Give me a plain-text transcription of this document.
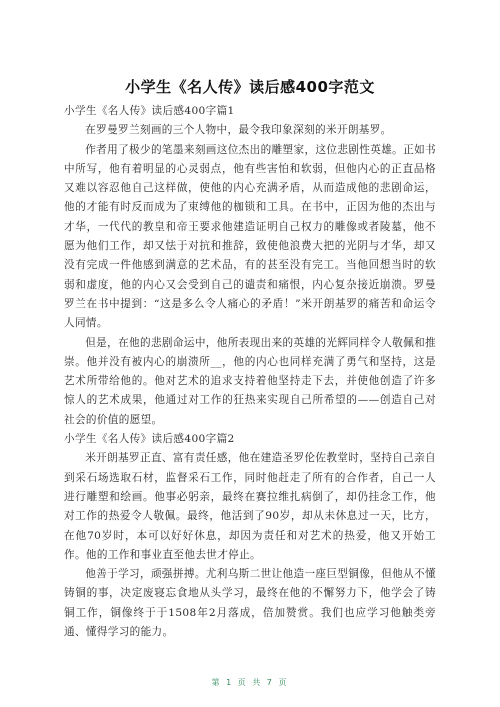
小学生《名人传》读后感400字范文

小学生《名人传》读后感400字篇1

在罗曼罗兰刻画的三个人物中，最令我印象深刻的米开朗基罗。

作者用了极少的笔墨来刻画这位杰出的雕塑家，这位悲剧性英雄。正如书中所写，他有着明显的心灵弱点，他有些害怕和软弱，但他内心的正直品格又难以容忍他自己这样做，使他的内心充满矛盾，从而造成他的悲剧命运，他的才能有时反而成为了束缚他的枷锁和工具。在书中，正因为他的杰出与才华，一代代的教皇和帝王要求他建造证明自己权力的雕像或者陵墓，他不愿为他们工作，却又怯于对抗和推辞，致使他浪费大把的光阴与才华，却又没有完成一件他感到满意的艺术品，有的甚至没有完工。当他回想当时的软弱和虚度，他的内心又会受到自己的谴责和痛恨，内心复杂接近崩溃。罗曼罗兰在书中提到：“这是多么令人痛心的矛盾！”米开朗基罗的痛苦和命运令人同情。

但是，在他的悲剧命运中，他所表现出来的英雄的光辉同样令人敬佩和推崇。他并没有被内心的崩溃所__，他的内心也同样充满了勇气和坚持，这是艺术所带给他的。他对艺术的追求支持着他坚持走下去，并使他创造了许多惊人的艺术成果，他通过对工作的狂热来实现自己所希望的——创造自己对社会的价值的愿望。

小学生《名人传》读后感400字篇2

米开朗基罗正直、富有责任感，他在建造圣罗伦佐教堂时，坚持自己亲自到采石场选取石材，监督采石工作，同时他赶走了所有的合作者，自己一人进行雕塑和绘画。他事必躬亲，最终在赛拉维扎病倒了，却仍挂念工作，他对工作的热爱令人敬佩。最终，他活到了90岁，却从未休息过一天，比方，在他70岁时，本可以好好休息，却因为责任和对艺术的热爱，他又开始工作。他的工作和事业直至他去世才停止。

他善于学习，顽强拼搏。尤利乌斯二世让他造一座巨型铜像，但他从不懂铸铜的事，决定废寝忘食地从头学习，最终在他的不懈努力下，他学会了铸铜工作，铜像终于于1508年2月落成，倍加赞赏。我们也应学习他触类旁通、懂得学习的能力。

第 1 页 共 7 页
